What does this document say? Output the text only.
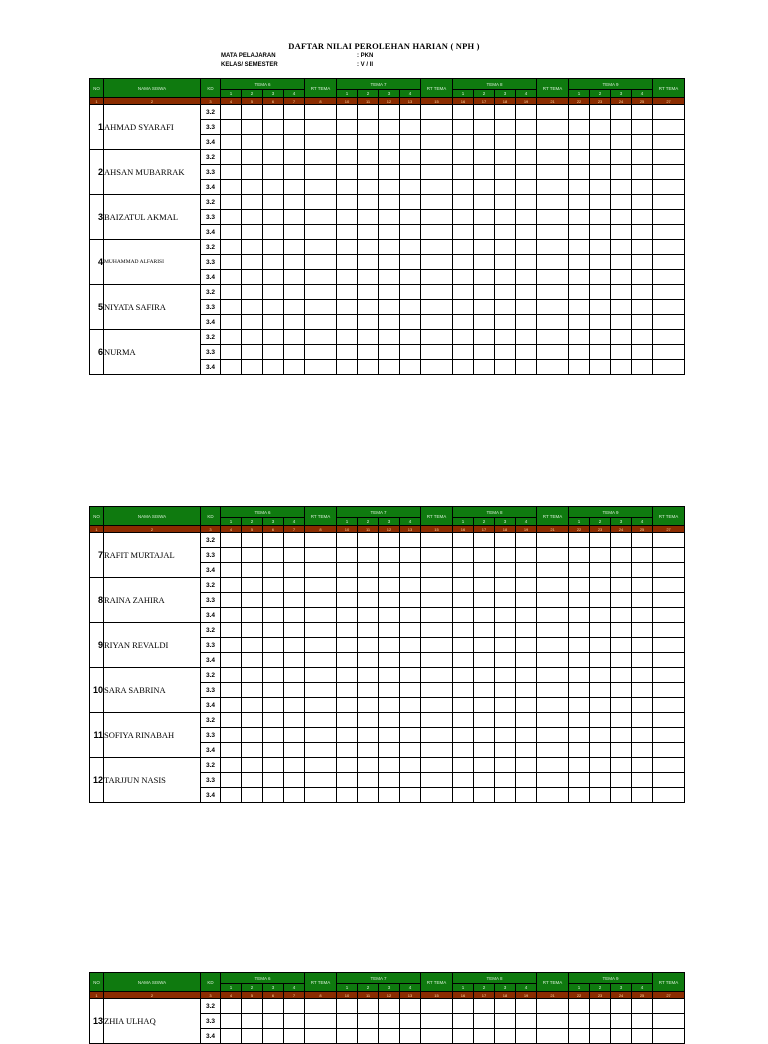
DAFTAR NILAI PEROLEHAN HARIAN ( NPH )
MATA PELAJARAN	: PKN
KELAS/ SEMESTER	: V / II
NO	NAMA SISWA	KD	TEMA 6				RT TEMA	TEMA 7				RT TEMA	TEMA 8				RT TEMA	TEMA 9				RT TEMA
			1	2	3	4		1	2	3	4		1	2	3	4		1	2	3	4	
1	2	3	4	5	6	7	8	10	11	12	13	15	16	17	18	19	21	22	23	24	25	27
1	AHMAD SYARAFI	3.2																				
		3.3																				
		3.4																				
2	AHSAN MUBARRAK	3.2																				
		3.3																				
		3.4																				
3	BAIZATUL AKMAL	3.2																				
		3.3																				
		3.4																				
4	MUHAMMAD ALFARISI	3.2																				
		3.3																				
		3.4																				
5	NIYATA SAFIRA	3.2																				
		3.3																				
		3.4																				
6	NURMA	3.2																				
		3.3																				
		3.4																				
NO	NAMA SISWA	KD	TEMA 6				RT TEMA	TEMA 7				RT TEMA	TEMA 8				RT TEMA	TEMA 9				RT TEMA
			1	2	3	4		1	2	3	4		1	2	3	4		1	2	3	4	
1	2	3	4	5	6	7	8	10	11	12	13	15	16	17	18	19	21	22	23	24	25	27
7	RAFIT MURTAJAL	3.2																				
		3.3																				
		3.4																				
8	RAINA ZAHIRA	3.2																				
		3.3																				
		3.4																				
9	RIYAN REVALDI	3.2																				
		3.3																				
		3.4																				
10	SARA SABRINA	3.2																				
		3.3																				
		3.4																				
11	SOFIYA RINABAH	3.2																				
		3.3																				
		3.4																				
12	TARJJUN NASIS	3.2																				
		3.3																				
		3.4																				
NO	NAMA SISWA	KD	TEMA 6				RT TEMA	TEMA 7				RT TEMA	TEMA 8				RT TEMA	TEMA 9				RT TEMA
			1	2	3	4		1	2	3	4		1	2	3	4		1	2	3	4	
1	2	3	4	5	6	7	8	10	11	12	13	15	16	17	18	19	21	22	23	24	25	27
13	ZHIA ULHAQ	3.2																				
		3.3																				
		3.4																				
